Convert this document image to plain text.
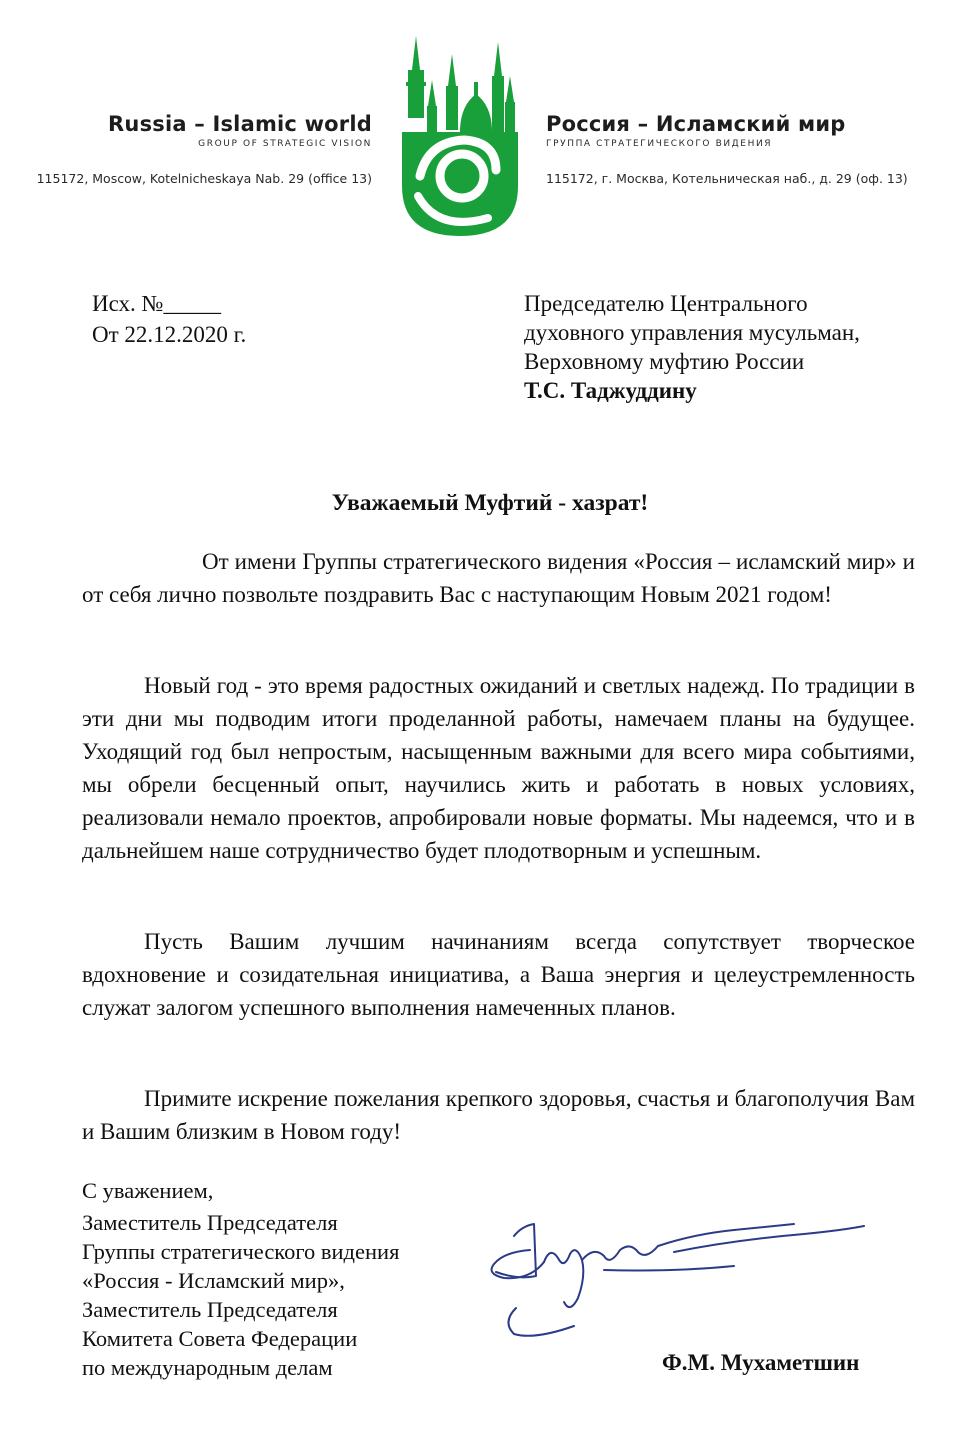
Russia – Islamic world
GROUP OF STRATEGIC VISION
115172, Moscow, Kotelnicheskaya Nab. 29 (office 13)
Россия – Исламский мир
ГРУППА СТРАТЕГИЧЕСКОГО ВИДЕНИЯ
115172, г. Москва, Котельническая наб., д. 29 (оф. 13)
Исх. №_____
От 22.12.2020 г.
Председателю Центрального
духовного управления мусульман,
Верховному муфтию России
Т.С. Таджуддину
Уважаемый Муфтий - хазрат!
От имени Группы стратегического видения «Россия – исламский мир» и от себя лично позвольте поздравить Вас с наступающим Новым 2021 годом!
Новый год - это время радостных ожиданий и светлых надежд. По традиции в эти дни мы подводим итоги проделанной работы, намечаем планы на будущее. Уходящий год был непростым, насыщенным важными для всего мира событиями, мы обрели бесценный опыт, научились жить и работать в новых условиях, реализовали немало проектов, апробировали новые форматы. Мы надеемся, что и в дальнейшем наше сотрудничество будет плодотворным и успешным.
Пусть Вашим лучшим начинаниям всегда сопутствует творческое вдохновение и созидательная инициатива, а Ваша энергия и целеустремленность служат залогом успешного выполнения намеченных планов.
Примите искрение пожелания крепкого здоровья, счастья и благополучия Вам и Вашим близким в Новом году!
С уважением,
Заместитель Председателя
Группы стратегического видения
«Россия - Исламский мир»,
Заместитель Председателя
Комитета Совета Федерации
по международным делам	Ф.М. Мухаметшин
